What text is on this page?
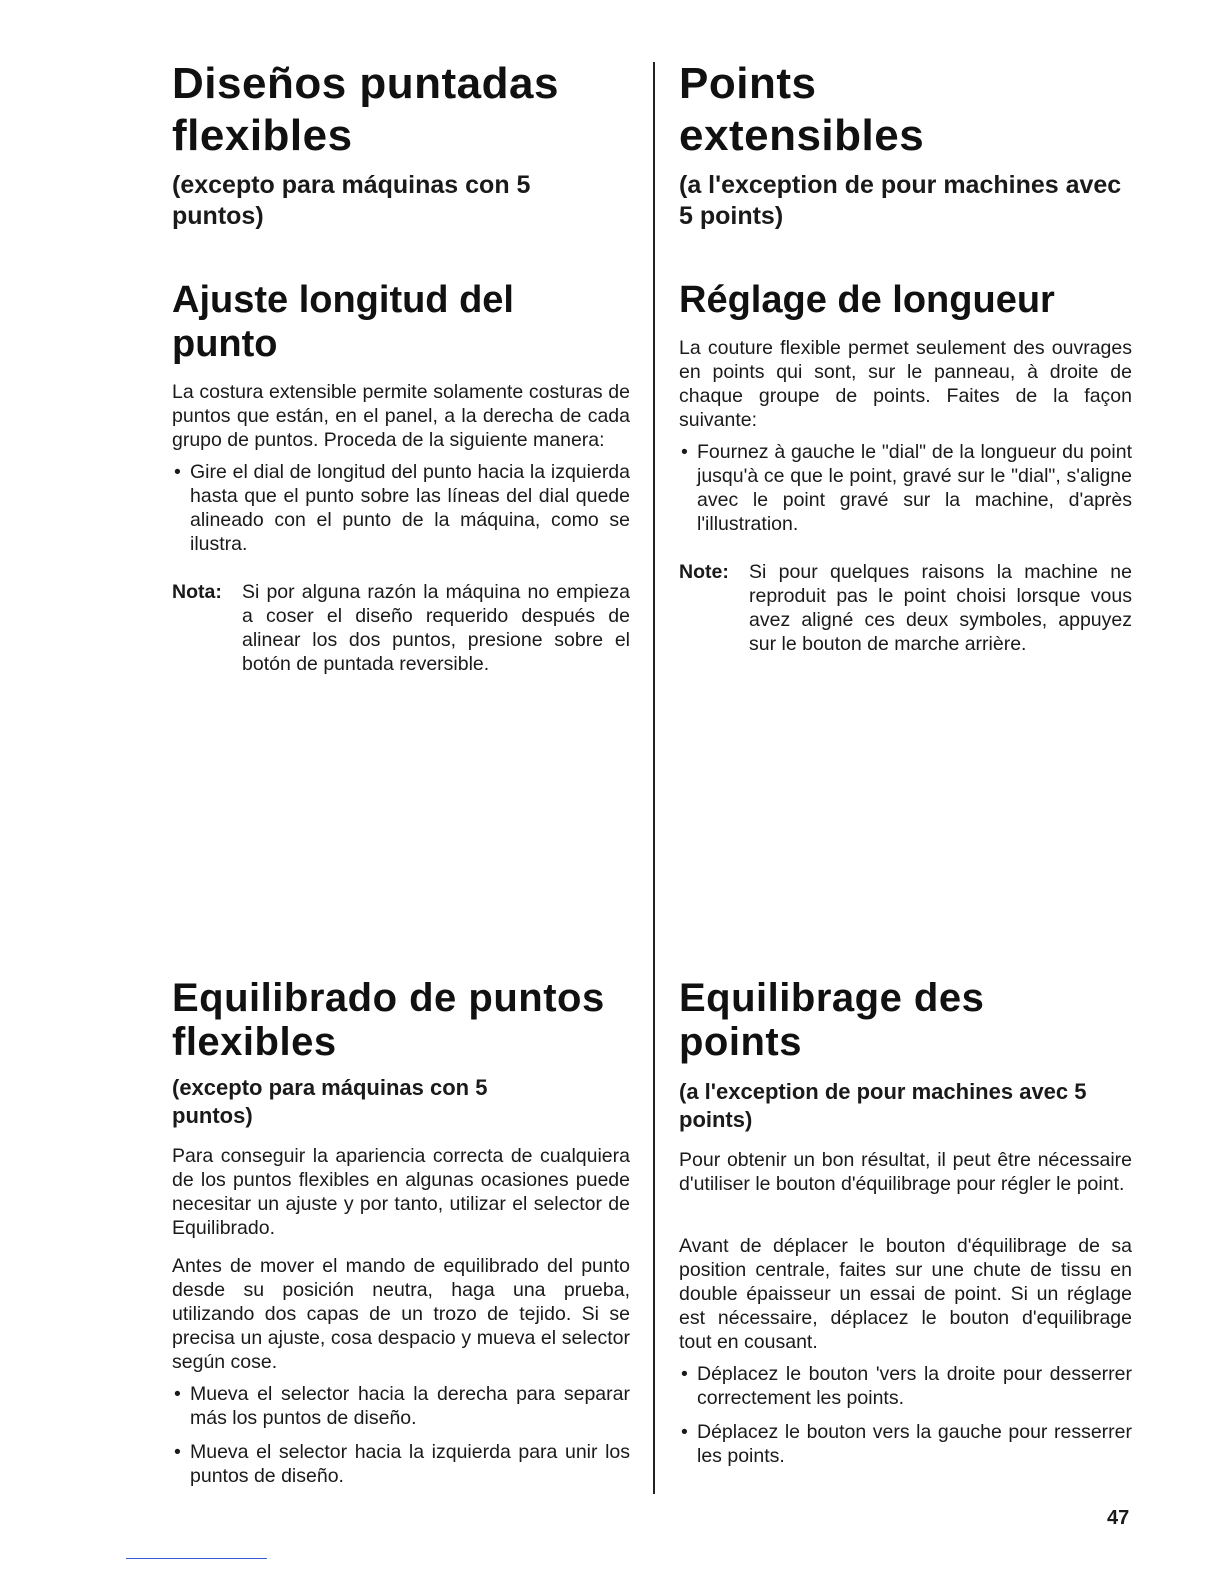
Diseños puntadas flexibles
(excepto para máquinas con 5 puntos)
Ajuste longitud del punto

La costura extensible permite solamente costuras de puntos que están, en el panel, a la derecha de cada grupo de puntos. Proceda de la siguiente manera:

• Gire el dial de longitud del punto hacia la izquierda hasta que el punto sobre las líneas del dial quede alineado con el punto de la máquina, como se ilustra.
Nota:	Si por alguna razón la máquina no empieza a coser el diseño requerido después de alinear los dos puntos, presione sobre el botón de puntada reversible.
Equilibrado de puntos flexibles
(excepto para máquinas con 5 puntos)

Para conseguir la apariencia correcta de cualquiera de los puntos flexibles en algunas ocasiones puede necesitar un ajuste y por tanto, utilizar el selector de Equilibrado.

Antes de mover el mando de equilibrado del punto desde su posición neutra, haga una prueba, utilizando dos capas de un trozo de tejido. Si se precisa un ajuste, cosa despacio y mueva el selector según cose.

• Mueva el selector hacia la derecha para separar más los puntos de diseño.
• Mueva el selector hacia la izquierda para unir los puntos de diseño.
Points extensibles
(a l'exception de pour machines avec 5 points)
Réglage de longueur

La couture flexible permet seulement des ouvrages en points qui sont, sur le panneau, à droite de chaque groupe de points. Faites de la façon suivante:

• Fournez à gauche le "dial" de la longueur du point jusqu'à ce que le point, gravé sur le "dial", s'aligne avec le point gravé sur la machine, d'après l'illustration.
Note:	Si pour quelques raisons la machine ne reproduit pas le point choisi lorsque vous avez aligné ces deux symboles, appuyez sur le bouton de marche arrière.
Equilibrage des points
(a l'exception de pour machines avec 5 points)

Pour obtenir un bon résultat, il peut être nécessaire d'utiliser le bouton d'équilibrage pour régler le point.

Avant de déplacer le bouton d'équilibrage de sa position centrale, faites sur une chute de tissu en double épaisseur un essai de point. Si un réglage est nécessaire, déplacez le bouton d'equilibrage tout en cousant.

• Déplacez le bouton 'vers la droite pour desserrer correctement les points.
• Déplacez le bouton vers la gauche pour resserrer les points.
47
